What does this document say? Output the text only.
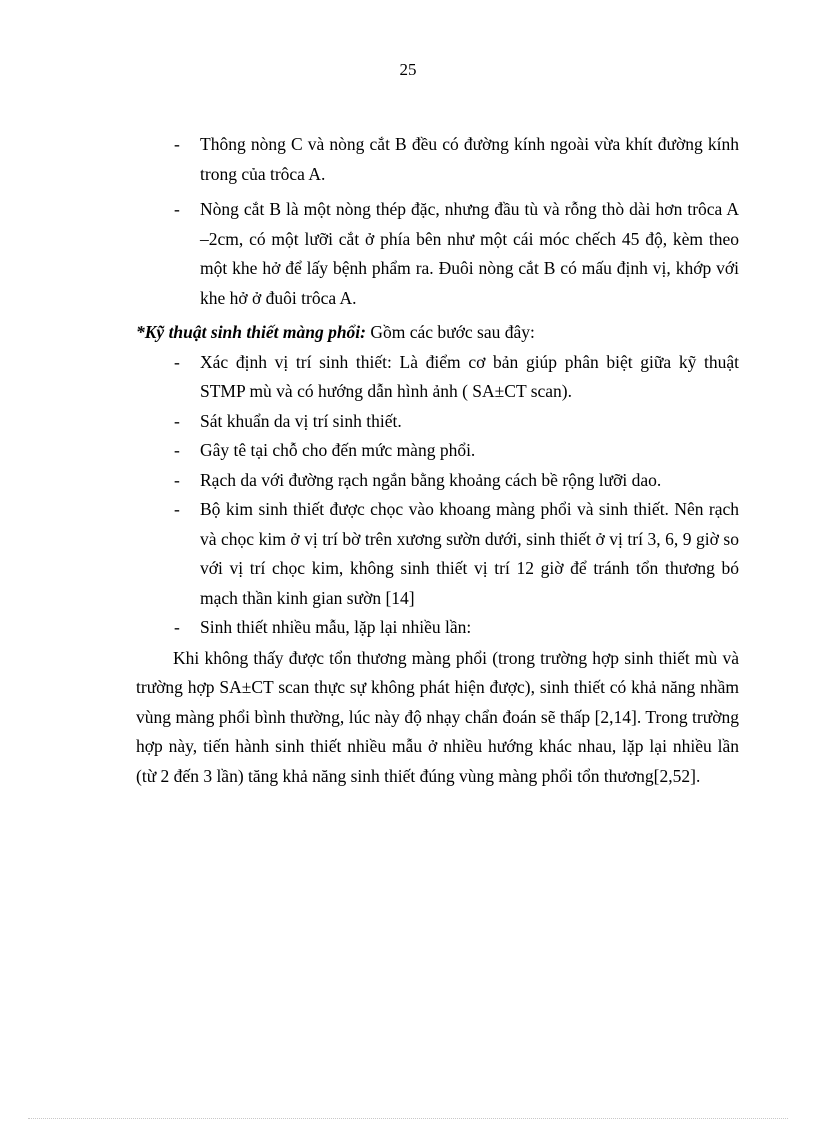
25
- Thông nòng C và nòng cắt B đều có đường kính ngoài vừa khít đường kính trong của trôca A.
- Nòng cắt B là một nòng thép đặc, nhưng đầu tù và rỗng thò dài hơn trôca A –2cm, có một lưỡi cắt ở phía bên như một cái móc chếch 45 độ, kèm theo một khe hở để lấy bệnh phẩm ra. Đuôi nòng cắt B có mấu định vị, khớp với khe hở ở đuôi trôca A.
*Kỹ thuật sinh thiết màng phổi: Gồm các bước sau đây:
- Xác định vị trí sinh thiết: Là điểm cơ bản giúp phân biệt giữa kỹ thuật STMP mù và có hướng dẫn hình ảnh ( SA±CT scan).
- Sát khuẩn da vị trí sinh thiết.
- Gây tê tại chỗ cho đến mức màng phổi.
- Rạch da với đường rạch ngắn bằng khoảng cách bề rộng lưỡi dao.
- Bộ kim sinh thiết được chọc vào khoang màng phổi và sinh thiết. Nên rạch và chọc kim ở vị trí bờ trên xương sườn dưới, sinh thiết ở vị trí 3, 6, 9 giờ so với vị trí chọc kim, không sinh thiết vị trí 12 giờ để tránh tổn thương bó mạch thần kinh gian sườn [14]
- Sinh thiết nhiều mẫu, lặp lại nhiều lần:
Khi không thấy được tổn thương màng phổi (trong trường hợp sinh thiết mù và trường hợp SA±CT scan thực sự không phát hiện được), sinh thiết có khả năng nhầm vùng màng phổi bình thường, lúc này độ nhạy chẩn đoán sẽ thấp [2,14]. Trong trường hợp này, tiến hành sinh thiết nhiều mẫu ở nhiều hướng khác nhau, lặp lại nhiều lần (từ 2 đến 3 lần) tăng khả năng sinh thiết đúng vùng màng phổi tổn thương[2,52].
